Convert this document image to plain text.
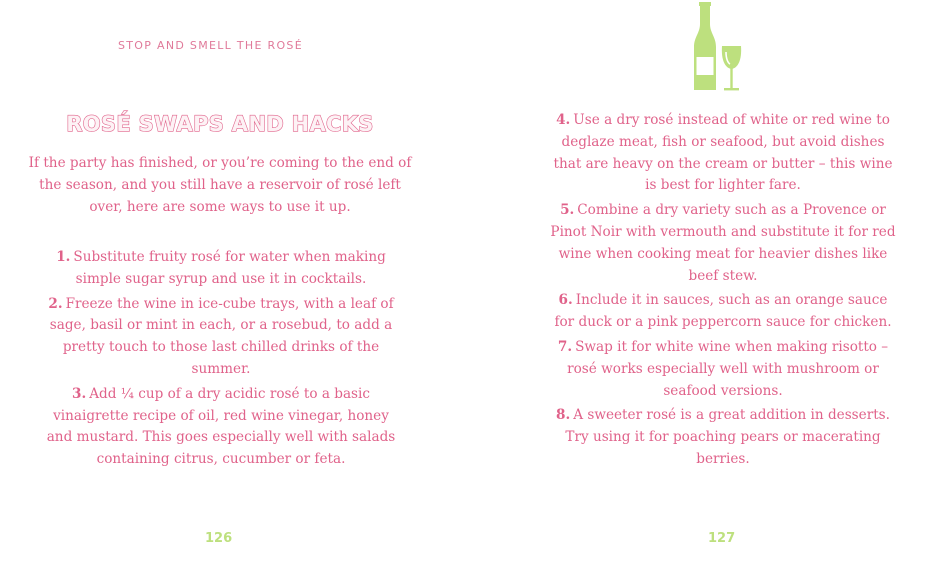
STOP AND SMELL THE ROSÉ
ROSÉ SWAPS AND HACKS

If the party has finished, or you’re coming to the end of the season, and you still have a reservoir of rosé left over, here are some ways to use it up.

1. Substitute fruity rosé for water when making simple sugar syrup and use it in cocktails.

2. Freeze the wine in ice-cube trays, with a leaf of sage, basil or mint in each, or a rosebud, to add a pretty touch to those last chilled drinks of the summer.

3. Add ¼ cup of a dry acidic rosé to a basic vinaigrette recipe of oil, red wine vinegar, honey and mustard. This goes especially well with salads containing citrus, cucumber or feta.

126

4. Use a dry rosé instead of white or red wine to deglaze meat, fish or seafood, but avoid dishes that are heavy on the cream or butter – this wine is best for lighter fare.

5. Combine a dry variety such as a Provence or Pinot Noir with vermouth and substitute it for red wine when cooking meat for heavier dishes like beef stew.

6. Include it in sauces, such as an orange sauce for duck or a pink peppercorn sauce for chicken.

7. Swap it for white wine when making risotto – rosé works especially well with mushroom or seafood versions.

8. A sweeter rosé is a great addition in desserts. Try using it for poaching pears or macerating berries.

127
